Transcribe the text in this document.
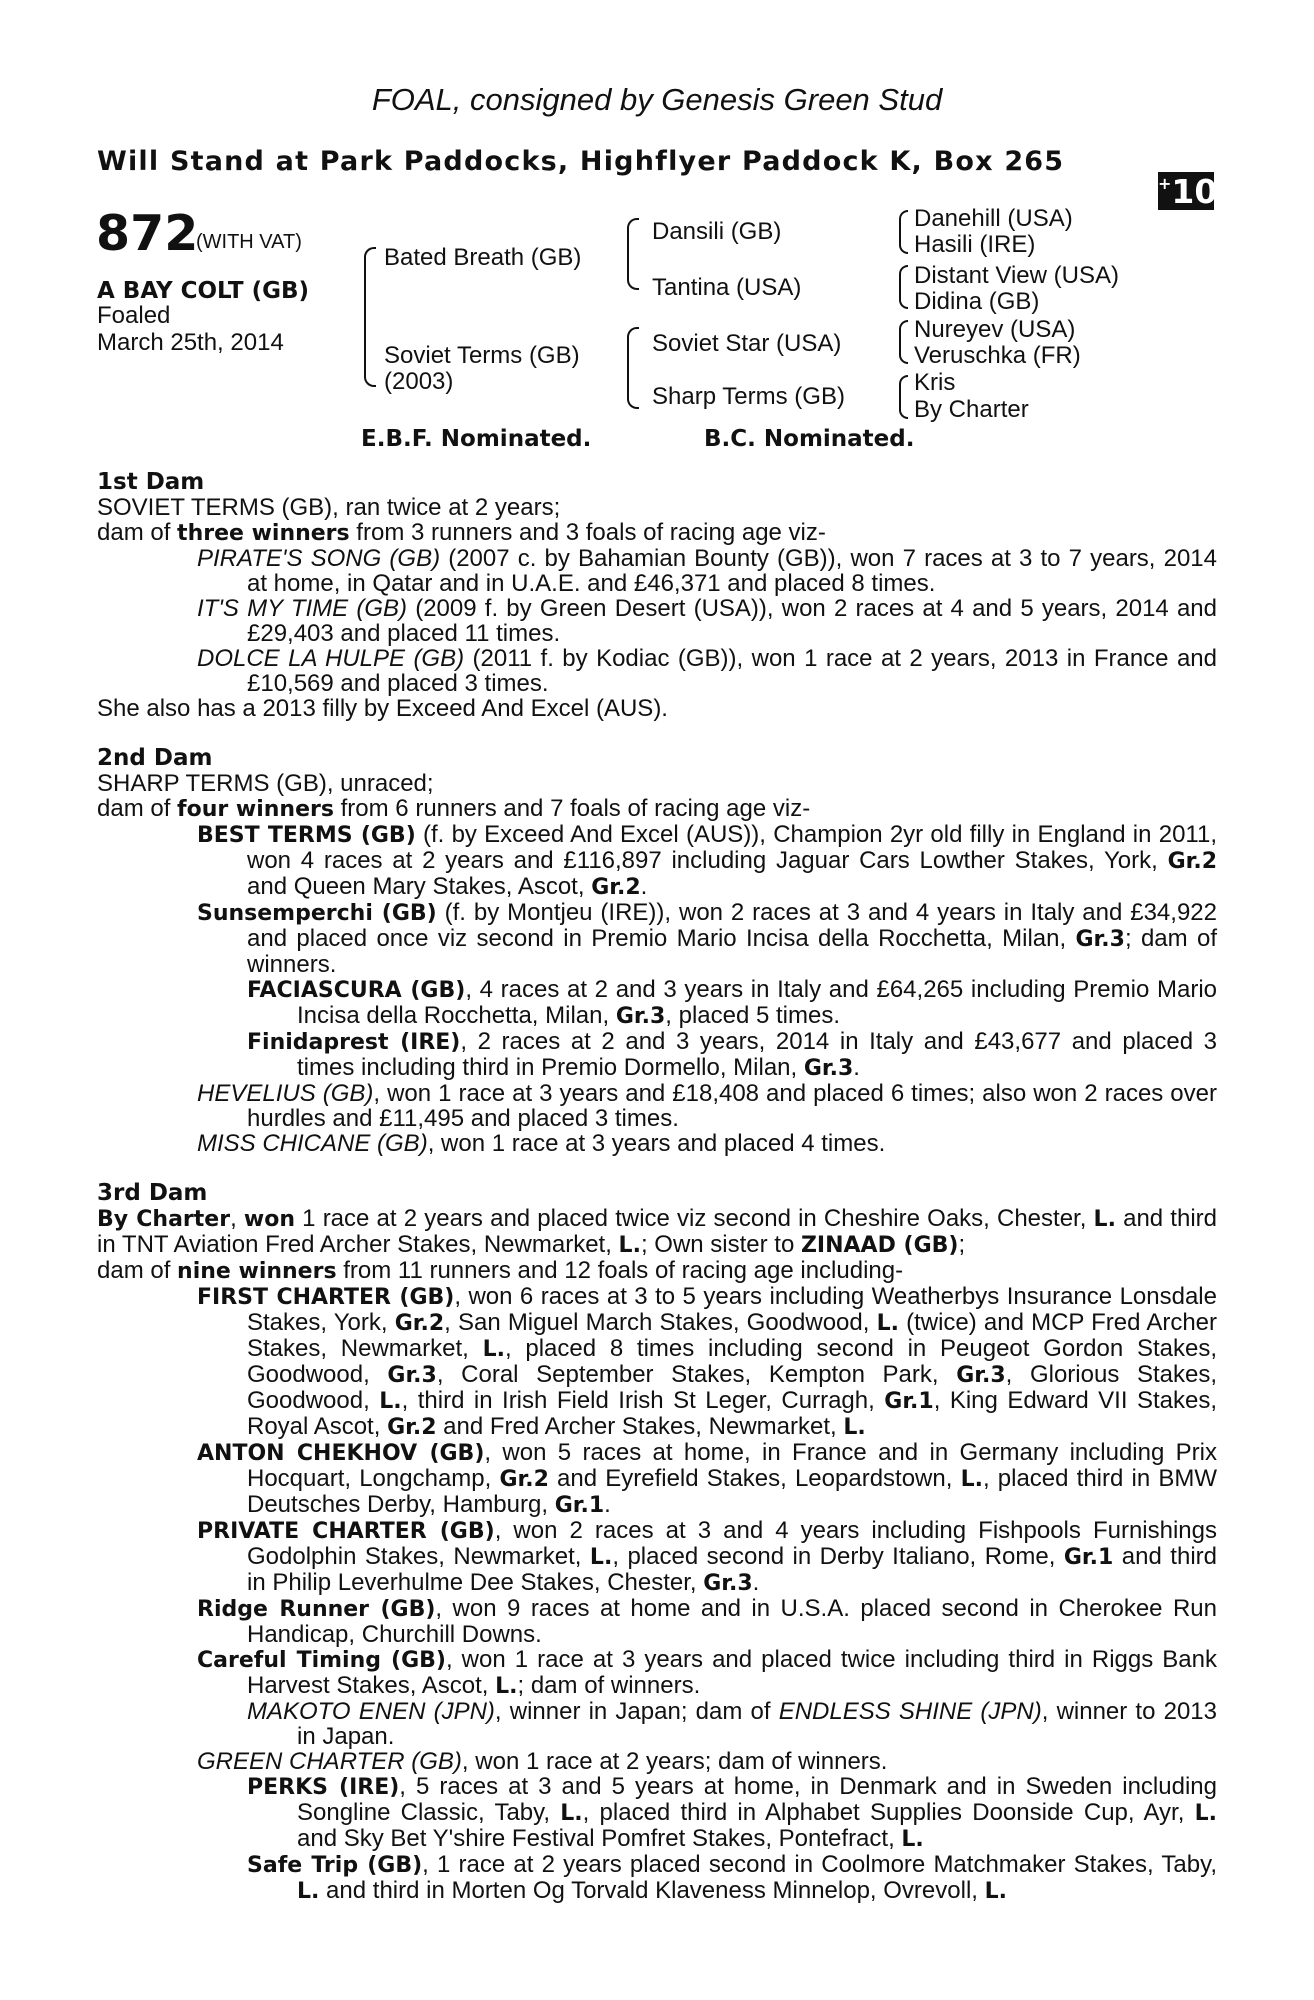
FOAL, consigned by Genesis Green Stud
Will Stand at Park Paddocks, Highflyer Paddock K, Box 265
+10
872
(WITH VAT)
A BAY COLT (GB)
Foaled
March 25th, 2014
Bated Breath (GB)
Soviet Terms (GB)
(2003)
Dansili (GB)
Tantina (USA)
Soviet Star (USA)
Sharp Terms (GB)
Danehill (USA)
Hasili (IRE)
Distant View (USA)
Didina (GB)
Nureyev (USA)
Veruschka (FR)
Kris
By Charter
E.B.F. Nominated.	B.C. Nominated.

1st Dam

SOVIET TERMS (GB), ran twice at 2 years;

dam of three winners from 3 runners and 3 foals of racing age viz-

PIRATE'S SONG (GB) (2007 c. by Bahamian Bounty (GB)), won 7 races at 3 to 7 years, 2014 at home, in Qatar and in U.A.E. and £46,371 and placed 8 times.

IT'S MY TIME (GB) (2009 f. by Green Desert (USA)), won 2 races at 4 and 5 years, 2014 and £29,403 and placed 11 times.

DOLCE LA HULPE (GB) (2011 f. by Kodiac (GB)), won 1 race at 2 years, 2013 in France and £10,569 and placed 3 times.

She also has a 2013 filly by Exceed And Excel (AUS).

2nd Dam

SHARP TERMS (GB), unraced;

dam of four winners from 6 runners and 7 foals of racing age viz-

BEST TERMS (GB) (f. by Exceed And Excel (AUS)), Champion 2yr old filly in England in 2011, won 4 races at 2 years and £116,897 including Jaguar Cars Lowther Stakes, York, Gr.2 and Queen Mary Stakes, Ascot, Gr.2.

Sunsemperchi (GB) (f. by Montjeu (IRE)), won 2 races at 3 and 4 years in Italy and £34,922 and placed once viz second in Premio Mario Incisa della Rocchetta, Milan, Gr.3; dam of winners.

FACIASCURA (GB), 4 races at 2 and 3 years in Italy and £64,265 including Premio Mario Incisa della Rocchetta, Milan, Gr.3, placed 5 times.

Finidaprest (IRE), 2 races at 2 and 3 years, 2014 in Italy and £43,677 and placed 3 times including third in Premio Dormello, Milan, Gr.3.

HEVELIUS (GB), won 1 race at 3 years and £18,408 and placed 6 times; also won 2 races over hurdles and £11,495 and placed 3 times.

MISS CHICANE (GB), won 1 race at 3 years and placed 4 times.

3rd Dam

By Charter, won 1 race at 2 years and placed twice viz second in Cheshire Oaks, Chester, L. and third in TNT Aviation Fred Archer Stakes, Newmarket, L.; Own sister to ZINAAD (GB);

dam of nine winners from 11 runners and 12 foals of racing age including-

FIRST CHARTER (GB), won 6 races at 3 to 5 years including Weatherbys Insurance Lonsdale Stakes, York, Gr.2, San Miguel March Stakes, Goodwood, L. (twice) and MCP Fred Archer Stakes, Newmarket, L., placed 8 times including second in Peugeot Gordon Stakes, Goodwood, Gr.3, Coral September Stakes, Kempton Park, Gr.3, Glorious Stakes, Goodwood, L., third in Irish Field Irish St Leger, Curragh, Gr.1, King Edward VII Stakes, Royal Ascot, Gr.2 and Fred Archer Stakes, Newmarket, L.

ANTON CHEKHOV (GB), won 5 races at home, in France and in Germany including Prix Hocquart, Longchamp, Gr.2 and Eyrefield Stakes, Leopardstown, L., placed third in BMW Deutsches Derby, Hamburg, Gr.1.

PRIVATE CHARTER (GB), won 2 races at 3 and 4 years including Fishpools Furnishings Godolphin Stakes, Newmarket, L., placed second in Derby Italiano, Rome, Gr.1 and third in Philip Leverhulme Dee Stakes, Chester, Gr.3.

Ridge Runner (GB), won 9 races at home and in U.S.A. placed second in Cherokee Run Handicap, Churchill Downs.

Careful Timing (GB), won 1 race at 3 years and placed twice including third in Riggs Bank Harvest Stakes, Ascot, L.; dam of winners.

MAKOTO ENEN (JPN), winner in Japan; dam of ENDLESS SHINE (JPN), winner to 2013 in Japan.

GREEN CHARTER (GB), won 1 race at 2 years; dam of winners.

PERKS (IRE), 5 races at 3 and 5 years at home, in Denmark and in Sweden including Songline Classic, Taby, L., placed third in Alphabet Supplies Doonside Cup, Ayr, L. and Sky Bet Y'shire Festival Pomfret Stakes, Pontefract, L.

Safe Trip (GB), 1 race at 2 years placed second in Coolmore Matchmaker Stakes, Taby, L. and third in Morten Og Torvald Klaveness Minnelop, Ovrevoll, L.
